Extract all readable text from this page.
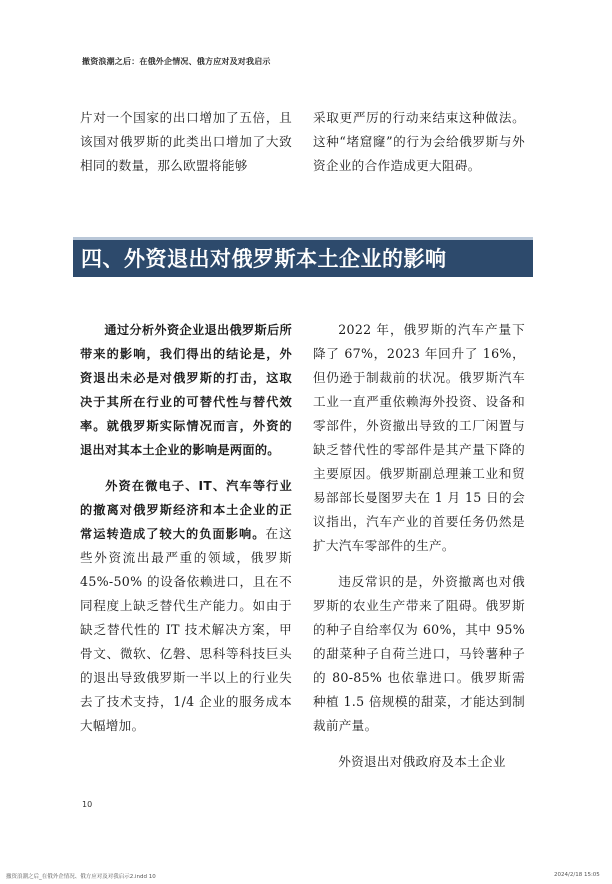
撤资浪潮之后：在俄外企情况、俄方应对及对我启示

片对一个国家的出口增加了五倍，且该国对俄罗斯的此类出口增加了大致相同的数量，那么欧盟将能够

采取更严厉的行动来结束这种做法。这种“堵窟窿”的行为会给俄罗斯与外资企业的合作造成更大阻碍。

四、外资退出对俄罗斯本土企业的影响

通过分析外资企业退出俄罗斯后所带来的影响，我们得出的结论是，外资退出未必是对俄罗斯的打击，这取决于其所在行业的可替代性与替代效率。就俄罗斯实际情况而言，外资的退出对其本土企业的影响是两面的。

外资在微电子、IT、汽车等行业的撤离对俄罗斯经济和本土企业的正常运转造成了较大的负面影响。在这些外资流出最严重的领域，俄罗斯 45%-50% 的设备依赖进口，且在不同程度上缺乏替代生产能力。如由于缺乏替代性的 IT 技术解决方案，甲骨文、微软、亿磐、思科等科技巨头的退出导致俄罗斯一半以上的行业失去了技术支持，1/4 企业的服务成本大幅增加。

2022 年，俄罗斯的汽车产量下降了 67%，2023 年回升了 16%，但仍逊于制裁前的状况。俄罗斯汽车工业一直严重依赖海外投资、设备和零部件，外资撤出导致的工厂闲置与缺乏替代性的零部件是其产量下降的主要原因。俄罗斯副总理兼工业和贸易部部长曼图罗夫在 1 月 15 日的会议指出，汽车产业的首要任务仍然是扩大汽车零部件的生产。

违反常识的是，外资撤离也对俄罗斯的农业生产带来了阻碍。俄罗斯的种子自给率仅为 60%，其中 95% 的甜菜种子自荷兰进口，马铃薯种子的 80-85% 也依靠进口。俄罗斯需种植 1.5 倍规模的甜菜，才能达到制裁前产量。

外资退出对俄政府及本土企业

10
撤资浪潮之后_在俄外企情况、俄方应对及对我启示2.indd 10	2024/2/18 15:05
